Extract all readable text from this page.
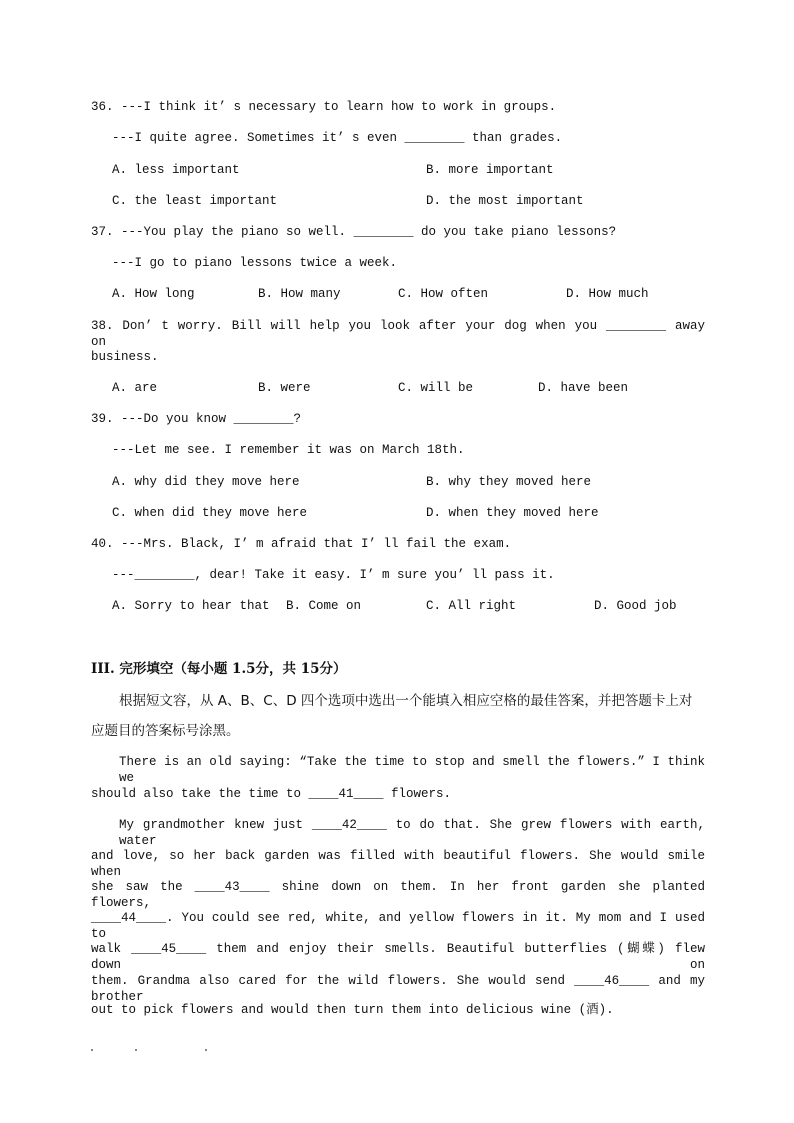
36. ---I think it’ s necessary to learn how to work in groups.
---I quite agree. Sometimes it’ s even ________ than grades.
A. less important	B. more important
C. the least important	D. the most important
37. ---You play the piano so well. ________ do you take piano lessons?
---I go to piano lessons twice a week.
A. How long	B. How many	C. How often	D. How much
38. Don’ t worry. Bill will help you look after your dog when you ________ away on
business.
A. are	B. were	C. will be	D. have been
39. ---Do you know ________?
---Let me see. I remember it was on March 18th.
A. why did they move here	B. why they moved here
C. when did they move here	D. when they moved here
40. ---Mrs. Black, I’ m afraid that I’ ll fail the exam.
---________, dear! Take it easy. I’ m sure you’ ll pass it.
A. Sorry to hear that B. Come on	C. All right	D. Good job
III. 完形填空（每小题 1.5分，共 15分）
根据短文容，从 A、B、C、D 四个选项中选出一个能填入相应空格的最佳答案，并把答题卡上对应题目的答案标号涂黑。
There is an old saying: “Take the time to stop and smell the flowers.” I think we
should also take the time to ____41____ flowers.
My grandmother knew just ____42____ to do that. She grew flowers with earth, water
and love, so her back garden was filled with beautiful flowers. She would smile when
she saw the ____43____ shine down on them. In her front garden she planted flowers,
____44____. You could see red, white, and yellow flowers in it. My mom and I used to
walk ____45____ them and enjoy their smells. Beautiful butterflies (蝴蝶) flew down on
them. Grandma also cared for the wild flowers. She would send ____46____ and my brother
out to pick flowers and would then turn them into delicious wine (酒).
